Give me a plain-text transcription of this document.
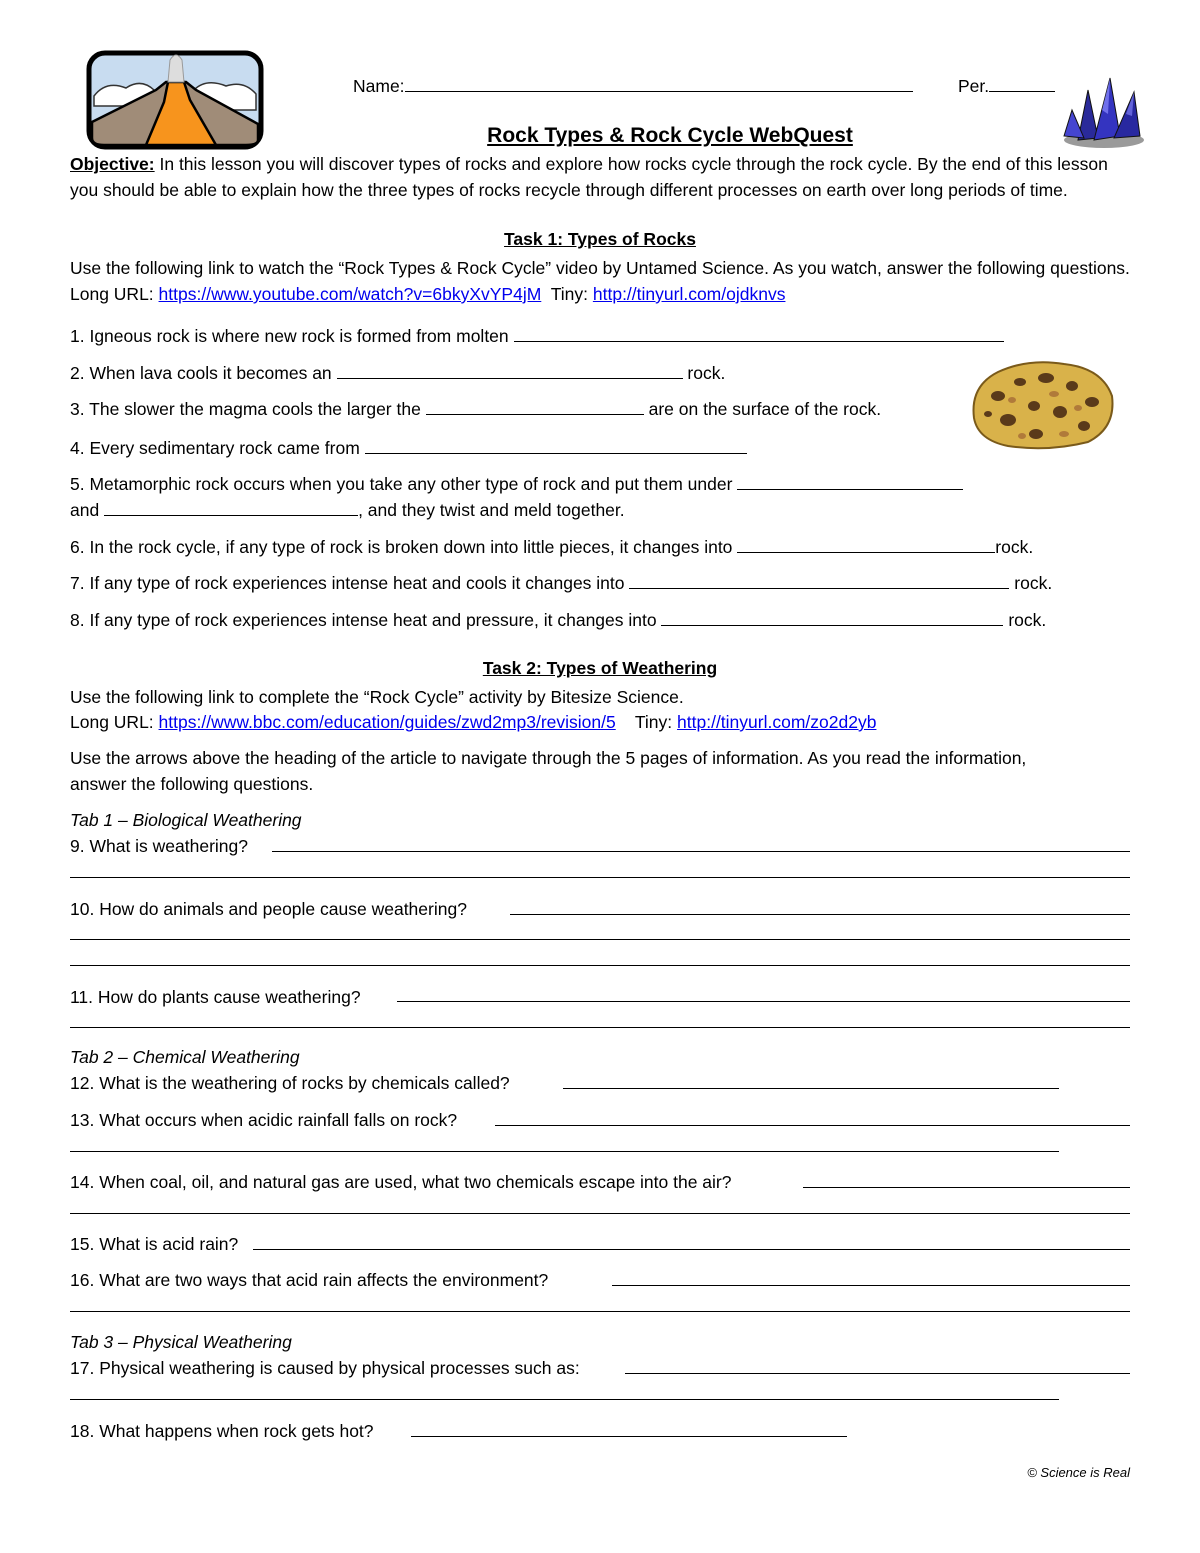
Name:	Per.
Rock Types & Rock Cycle WebQuest
Objective: In this lesson you will discover types of rocks and explore how rocks cycle through the rock cycle. By the end of this lesson you should be able to explain how the three types of rocks recycle through different processes on earth over long periods of time.
Task 1: Types of Rocks
Use the following link to watch the “Rock Types & Rock Cycle” video by Untamed Science. As you watch, answer the following questions. Long URL: https://www.youtube.com/watch?v=6bkyXvYP4jM Tiny: http://tinyurl.com/ojdknvs
1. Igneous rock is where new rock is formed from molten
2. When lava cools it becomes an	rock.
3. The slower the magma cools the larger the	are on the surface of the rock.
4. Every sedimentary rock came from
5. Metamorphic rock occurs when you take any other type of rock and put them under
and	, and they twist and meld together.
6. In the rock cycle, if any type of rock is broken down into little pieces, it changes into	rock.
7. If any type of rock experiences intense heat and cools it changes into	rock.
8. If any type of rock experiences intense heat and pressure, it changes into	rock.
Task 2: Types of Weathering
Use the following link to complete the “Rock Cycle” activity by Bitesize Science.
Long URL: https://www.bbc.com/education/guides/zwd2mp3/revision/5 Tiny: http://tinyurl.com/zo2d2yb
Use the arrows above the heading of the article to navigate through the 5 pages of information. As you read the information, answer the following questions.
Tab 1 – Biological Weathering
9. What is weathering?
10. How do animals and people cause weathering?
11. How do plants cause weathering?
Tab 2 – Chemical Weathering
12. What is the weathering of rocks by chemicals called?
13. What occurs when acidic rainfall falls on rock?
14. When coal, oil, and natural gas are used, what two chemicals escape into the air?
15. What is acid rain?
16. What are two ways that acid rain affects the environment?
Tab 3 – Physical Weathering
17. Physical weathering is caused by physical processes such as:
18. What happens when rock gets hot?
© Science is Real
